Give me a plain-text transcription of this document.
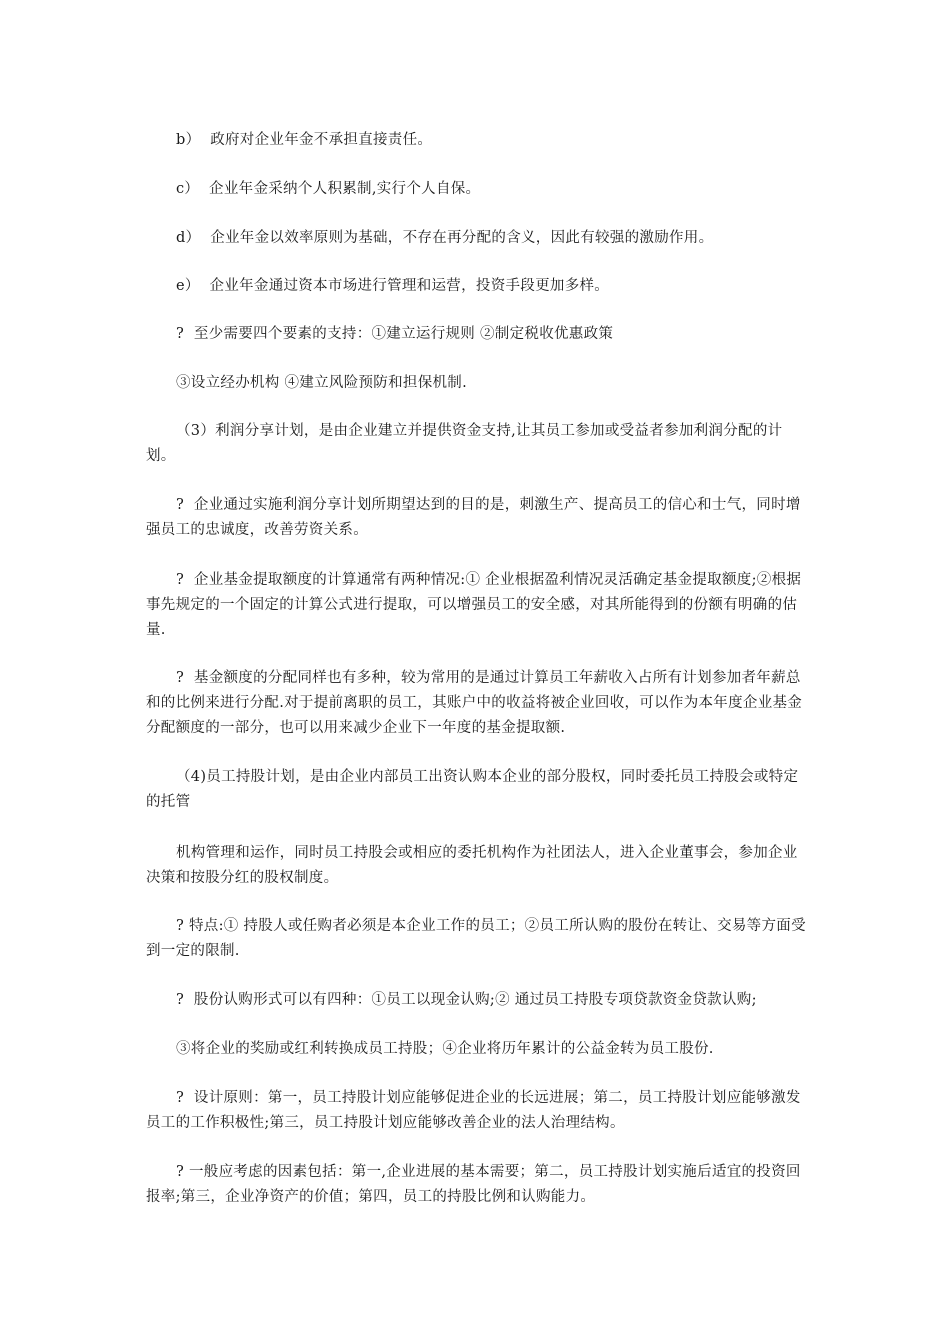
b）  政府对企业年金不承担直接责任。

c）  企业年金采纳个人积累制,实行个人自保。

d）  企业年金以效率原则为基础，不存在再分配的含义，因此有较强的激励作用。

e）  企业年金通过资本市场进行管理和运营，投资手段更加多样。

?  至少需要四个要素的支持：①建立运行规则 ②制定税收优惠政策

③设立经办机构 ④建立风险预防和担保机制.

（3）利润分享计划，是由企业建立并提供资金支持,让其员工参加或受益者参加利润分配的计划。

?  企业通过实施利润分享计划所期望达到的目的是，刺激生产、提高员工的信心和士气，同时增强员工的忠诚度，改善劳资关系。

?  企业基金提取额度的计算通常有两种情况:① 企业根据盈利情况灵活确定基金提取额度;②根据事先规定的一个固定的计算公式进行提取，可以增强员工的安全感，对其所能得到的份额有明确的估量.

?  基金额度的分配同样也有多种，较为常用的是通过计算员工年薪收入占所有计划参加者年薪总和的比例来进行分配.对于提前离职的员工，其账户中的收益将被企业回收，可以作为本年度企业基金分配额度的一部分，也可以用来减少企业下一年度的基金提取额.

（4)员工持股计划，是由企业内部员工出资认购本企业的部分股权，同时委托员工持股会或特定的托管

机构管理和运作，同时员工持股会或相应的委托机构作为社团法人，进入企业董事会，参加企业决策和按股分红的股权制度。

? 特点:① 持股人或任购者必须是本企业工作的员工；②员工所认购的股份在转让、交易等方面受到一定的限制.

?  股份认购形式可以有四种：①员工以现金认购;② 通过员工持股专项贷款资金贷款认购;

③将企业的奖励或红利转换成员工持股；④企业将历年累计的公益金转为员工股份.

?  设计原则：第一，员工持股计划应能够促进企业的长远进展；第二，员工持股计划应能够激发员工的工作积极性;第三，员工持股计划应能够改善企业的法人治理结构。

? 一般应考虑的因素包括：第一,企业进展的基本需要；第二，员工持股计划实施后适宜的投资回报率;第三，企业净资产的价值；第四，员工的持股比例和认购能力。
